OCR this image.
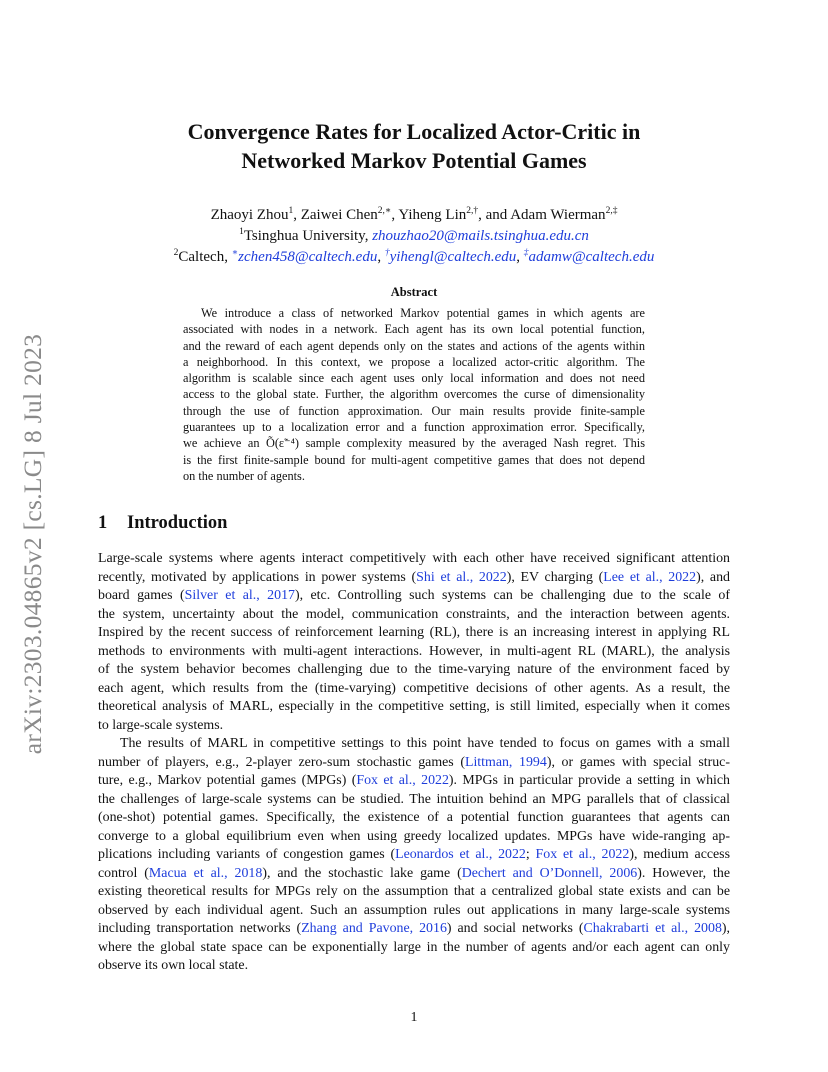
arXiv:2303.04865v2 [cs.LG] 8 Jul 2023
Convergence Rates for Localized Actor-Critic in
Networked Markov Potential Games
Zhaoyi Zhou$^1$, Zaiwei Chen$^{2,∗}$, Yiheng Lin$^{2,\dagger}$, and Adam Wierman$^{2,\ddagger}$
$^1$Tsinghua University, zhouzhao20@mails.tsinghua.edu.cn
$^2$Caltech, ∗zchen458@caltech.edu, †yihengl@caltech.edu, ‡adamw@caltech.edu
Abstract
We introduce a class of networked Markov potential games in which agents are
associated with nodes in a network. Each agent has its own local potential function,
and the reward of each agent depends only on the states and actions of the agents within
a neighborhood. In this context, we propose a localized actor-critic algorithm. The
algorithm is scalable since each agent uses only local information and does not need
access to the global state. Further, the algorithm overcomes the curse of dimensionality
through the use of function approximation. Our main results provide finite-sample
guarantees up to a localization error and a function approximation error. Specifically,
we achieve an Õ(ε̃⁻⁴) sample complexity measured by the averaged Nash regret. This
is the first finite-sample bound for multi-agent competitive games that does not depend
on the number of agents.
1 Introduction
Large-scale systems where agents interact competitively with each other have received significant attention
recently, motivated by applications in power systems (Shi et al., 2022), EV charging (Lee et al., 2022), and
board games (Silver et al., 2017), etc. Controlling such systems can be challenging due to the scale of
the system, uncertainty about the model, communication constraints, and the interaction between agents.
Inspired by the recent success of reinforcement learning (RL), there is an increasing interest in applying RL
methods to environments with multi-agent interactions. However, in multi-agent RL (MARL), the analysis
of the system behavior becomes challenging due to the time-varying nature of the environment faced by
each agent, which results from the (time-varying) competitive decisions of other agents. As a result, the
theoretical analysis of MARL, especially in the competitive setting, is still limited, especially when it comes
to large-scale systems.
The results of MARL in competitive settings to this point have tended to focus on games with a small
number of players, e.g., 2-player zero-sum stochastic games (Littman, 1994), or games with special struc-
ture, e.g., Markov potential games (MPGs) (Fox et al., 2022). MPGs in particular provide a setting in which
the challenges of large-scale systems can be studied. The intuition behind an MPG parallels that of classical
(one-shot) potential games. Specifically, the existence of a potential function guarantees that agents can
converge to a global equilibrium even when using greedy localized updates. MPGs have wide-ranging ap-
plications including variants of congestion games (Leonardos et al., 2022; Fox et al., 2022), medium access
control (Macua et al., 2018), and the stochastic lake game (Dechert and O’Donnell, 2006). However, the
existing theoretical results for MPGs rely on the assumption that a centralized global state exists and can be
observed by each individual agent. Such an assumption rules out applications in many large-scale systems
including transportation networks (Zhang and Pavone, 2016) and social networks (Chakrabarti et al., 2008),
where the global state space can be exponentially large in the number of agents and/or each agent can only
observe its own local state.
1
